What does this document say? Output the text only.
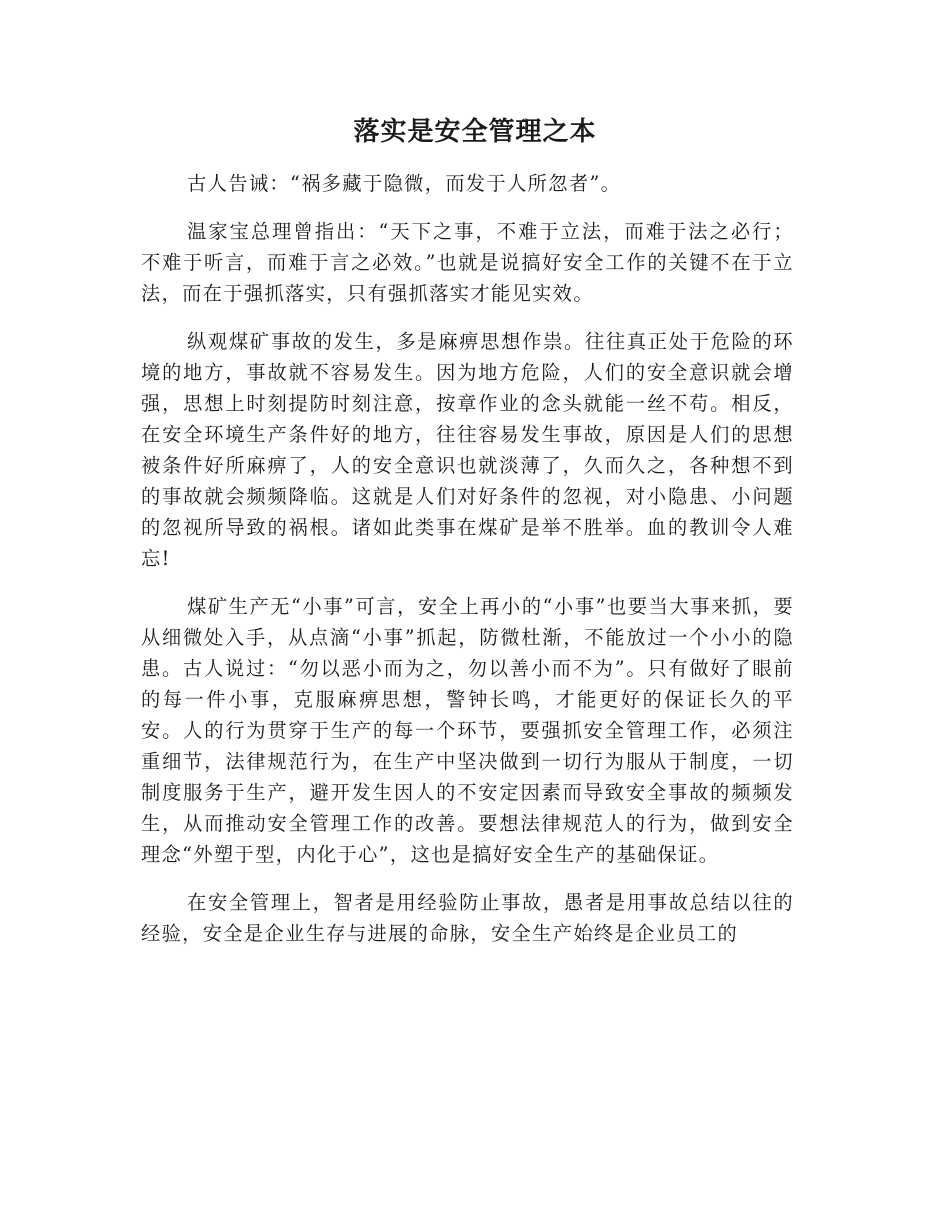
落实是安全管理之本

古人告诫：“祸多藏于隐微，而发于人所忽者”。

温家宝总理曾指出：“天下之事，不难于立法，而难于法之必行；不难于听言，而难于言之必效。”也就是说搞好安全工作的关键不在于立法，而在于强抓落实，只有强抓落实才能见实效。

纵观煤矿事故的发生，多是麻痹思想作祟。往往真正处于危险的环境的地方，事故就不容易发生。因为地方危险，人们的安全意识就会增强，思想上时刻提防时刻注意，按章作业的念头就能一丝不苟。相反，在安全环境生产条件好的地方，往往容易发生事故，原因是人们的思想被条件好所麻痹了，人的安全意识也就淡薄了，久而久之，各种想不到的事故就会频频降临。这就是人们对好条件的忽视，对小隐患、小问题的忽视所导致的祸根。诸如此类事在煤矿是举不胜举。血的教训令人难忘!

煤矿生产无“小事”可言，安全上再小的“小事”也要当大事来抓，要从细微处入手，从点滴“小事”抓起，防微杜渐，不能放过一个小小的隐患。古人说过：“勿以恶小而为之，勿以善小而不为”。只有做好了眼前的每一件小事，克服麻痹思想，警钟长鸣，才能更好的保证长久的平安。人的行为贯穿于生产的每一个环节，要强抓安全管理工作，必须注重细节，法律规范行为，在生产中坚决做到一切行为服从于制度，一切制度服务于生产，避开发生因人的不安定因素而导致安全事故的频频发生，从而推动安全管理工作的改善。要想法律规范人的行为，做到安全理念“外塑于型，内化于心”，这也是搞好安全生产的基础保证。

在安全管理上，智者是用经验防止事故，愚者是用事故总结以往的经验，安全是企业生存与进展的命脉，安全生产始终是企业员工的
